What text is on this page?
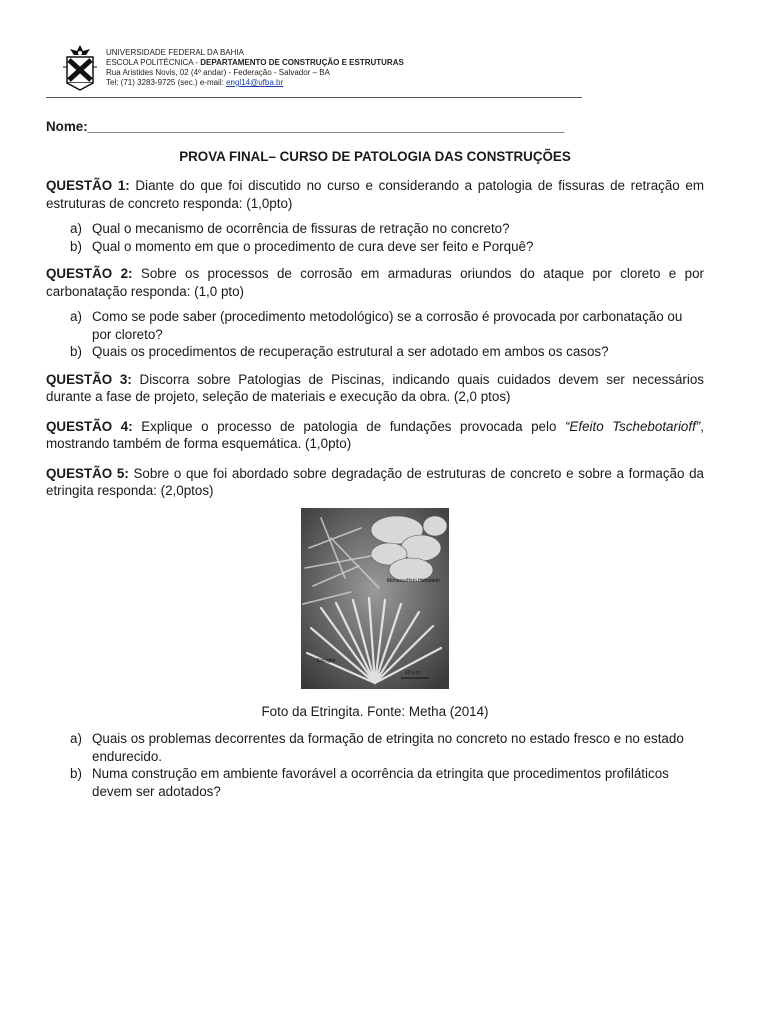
UNIVERSIDADE FEDERAL DA BAHIA
ESCOLA POLITÉCNICA - DEPARTAMENTO DE CONSTRUÇÃO E ESTRUTURAS
Rua Aristides Novis, 02 (4º andar) - Federação - Salvador – BA
Tel: (71) 3283-9725 (sec.) e-mail: engl14@ufba.br

Nome:________________________________________________________________

PROVA FINAL– CURSO DE PATOLOGIA DAS CONSTRUÇÕES

QUESTÃO 1: Diante do que foi discutido no curso e considerando a patologia de fissuras de retração em estruturas de concreto responda: (1,0pto)

a) Qual o mecanismo de ocorrência de fissuras de retração no concreto?
b) Qual o momento em que o procedimento de cura deve ser feito e Porquê?

QUESTÃO 2: Sobre os processos de corrosão em armaduras oriundos do ataque por cloreto e por carbonatação responda: (1,0 pto)

a) Como se pode saber (procedimento metodológico) se a corrosão é provocada por carbonatação ou por cloreto?
b) Quais os procedimentos de recuperação estrutural a ser adotado em ambos os casos?

QUESTÃO 3: Discorra sobre Patologias de Piscinas, indicando quais cuidados devem ser necessários durante a fase de projeto, seleção de materiais e execução da obra. (2,0 ptos)

QUESTÃO 4: Explique o processo de patologia de fundações provocada pelo “Efeito Tschebotarioff”, mostrando também de forma esquemática. (1,0pto)

QUESTÃO 5: Sobre o que foi abordado sobre degradação de estruturas de concreto e sobre a formação da etringita responda: (2,0ptos)

Monossulfato Hidratado
Etringita
10 μ m

Foto da Etringita. Fonte: Metha (2014)

a) Quais os problemas decorrentes da formação de etringita no concreto no estado fresco e no estado endurecido.
b) Numa construção em ambiente favorável a ocorrência da etringita que procedimentos profiláticos devem ser adotados?
